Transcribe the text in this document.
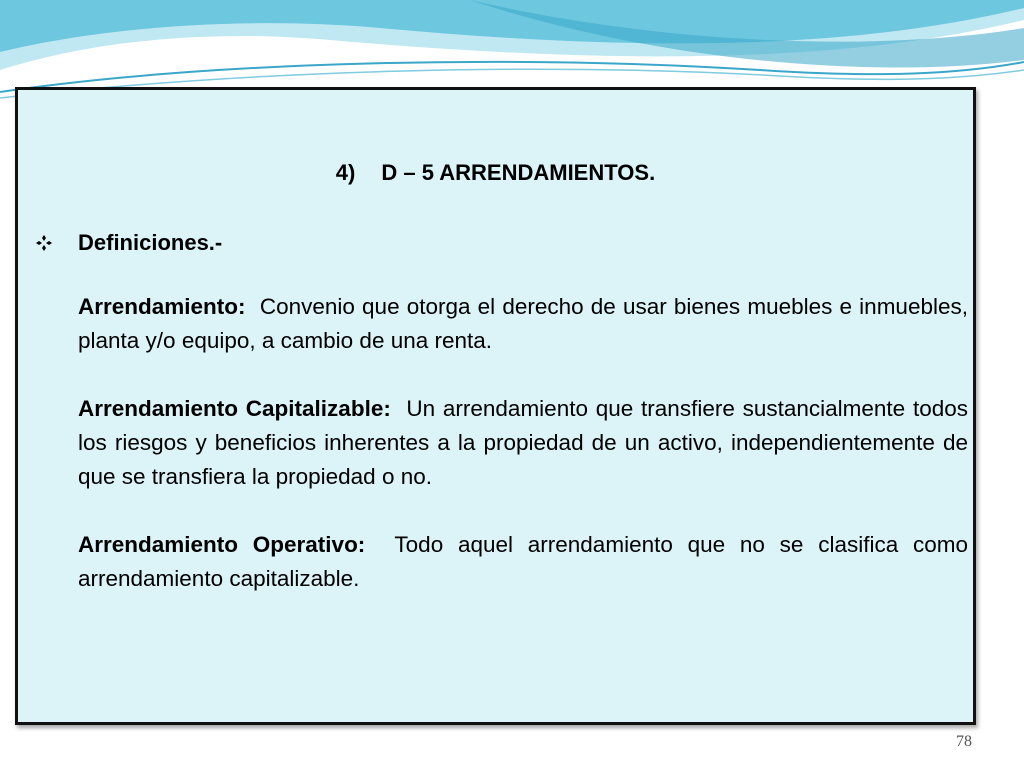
4) D – 5 ARRENDAMIENTOS.
Definiciones.-

Arrendamiento: Convenio que otorga el derecho de usar bienes muebles e inmuebles, planta y/o equipo, a cambio de una renta.

Arrendamiento Capitalizable: Un arrendamiento que transfiere sustancialmente todos los riesgos y beneficios inherentes a la propiedad de un activo, independientemente de que se transfiera la propiedad o no.

Arrendamiento Operativo: Todo aquel arrendamiento que no se clasifica como arrendamiento capitalizable.

78
